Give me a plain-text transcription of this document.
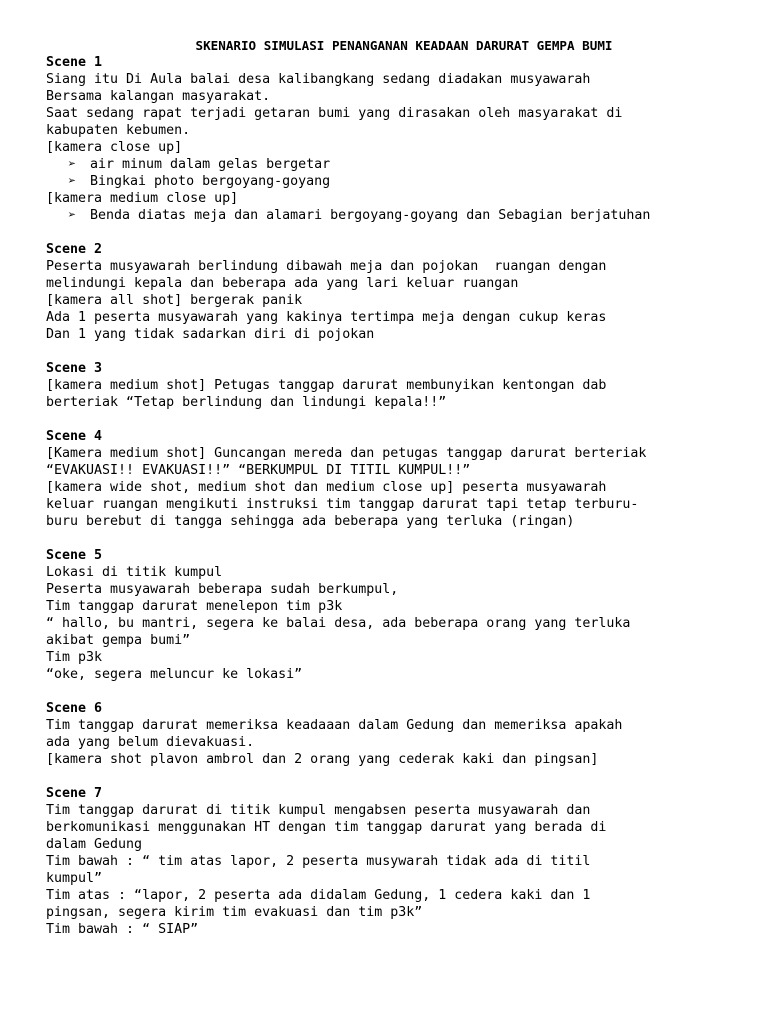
SKENARIO SIMULASI PENANGANAN KEADAAN DARURAT GEMPA BUMI
Scene 1
Siang itu Di Aula balai desa kalibangkang sedang diadakan musyawarah
Bersama kalangan masyarakat.
Saat sedang rapat terjadi getaran bumi yang dirasakan oleh masyarakat di
kabupaten kebumen.
[kamera close up]
➢ air minum dalam gelas bergetar
➢ Bingkai photo bergoyang-goyang
[kamera medium close up]
➢ Benda diatas meja dan alamari bergoyang-goyang dan Sebagian berjatuhan
Scene 2
Peserta musyawarah berlindung dibawah meja dan pojokan  ruangan dengan
melindungi kepala dan beberapa ada yang lari keluar ruangan
[kamera all shot] bergerak panik
Ada 1 peserta musyawarah yang kakinya tertimpa meja dengan cukup keras
Dan 1 yang tidak sadarkan diri di pojokan
Scene 3
[kamera medium shot] Petugas tanggap darurat membunyikan kentongan dab
berteriak “Tetap berlindung dan lindungi kepala!!”
Scene 4
[Kamera medium shot] Guncangan mereda dan petugas tanggap darurat berteriak
“EVAKUASI!! EVAKUASI!!” “BERKUMPUL DI TITIL KUMPUL!!”
[kamera wide shot, medium shot dan medium close up] peserta musyawarah
keluar ruangan mengikuti instruksi tim tanggap darurat tapi tetap terburu-
buru berebut di tangga sehingga ada beberapa yang terluka (ringan)
Scene 5
Lokasi di titik kumpul
Peserta musyawarah beberapa sudah berkumpul,
Tim tanggap darurat menelepon tim p3k
“ hallo, bu mantri, segera ke balai desa, ada beberapa orang yang terluka
akibat gempa bumi”
Tim p3k
“oke, segera meluncur ke lokasi”
Scene 6
Tim tanggap darurat memeriksa keadaaan dalam Gedung dan memeriksa apakah
ada yang belum dievakuasi.
[kamera shot plavon ambrol dan 2 orang yang cederak kaki dan pingsan]
Scene 7
Tim tanggap darurat di titik kumpul mengabsen peserta musyawarah dan
berkomunikasi menggunakan HT dengan tim tanggap darurat yang berada di
dalam Gedung
Tim bawah : “ tim atas lapor, 2 peserta musywarah tidak ada di titil
kumpul”
Tim atas : “lapor, 2 peserta ada didalam Gedung, 1 cedera kaki dan 1
pingsan, segera kirim tim evakuasi dan tim p3k”
Tim bawah : “ SIAP”
